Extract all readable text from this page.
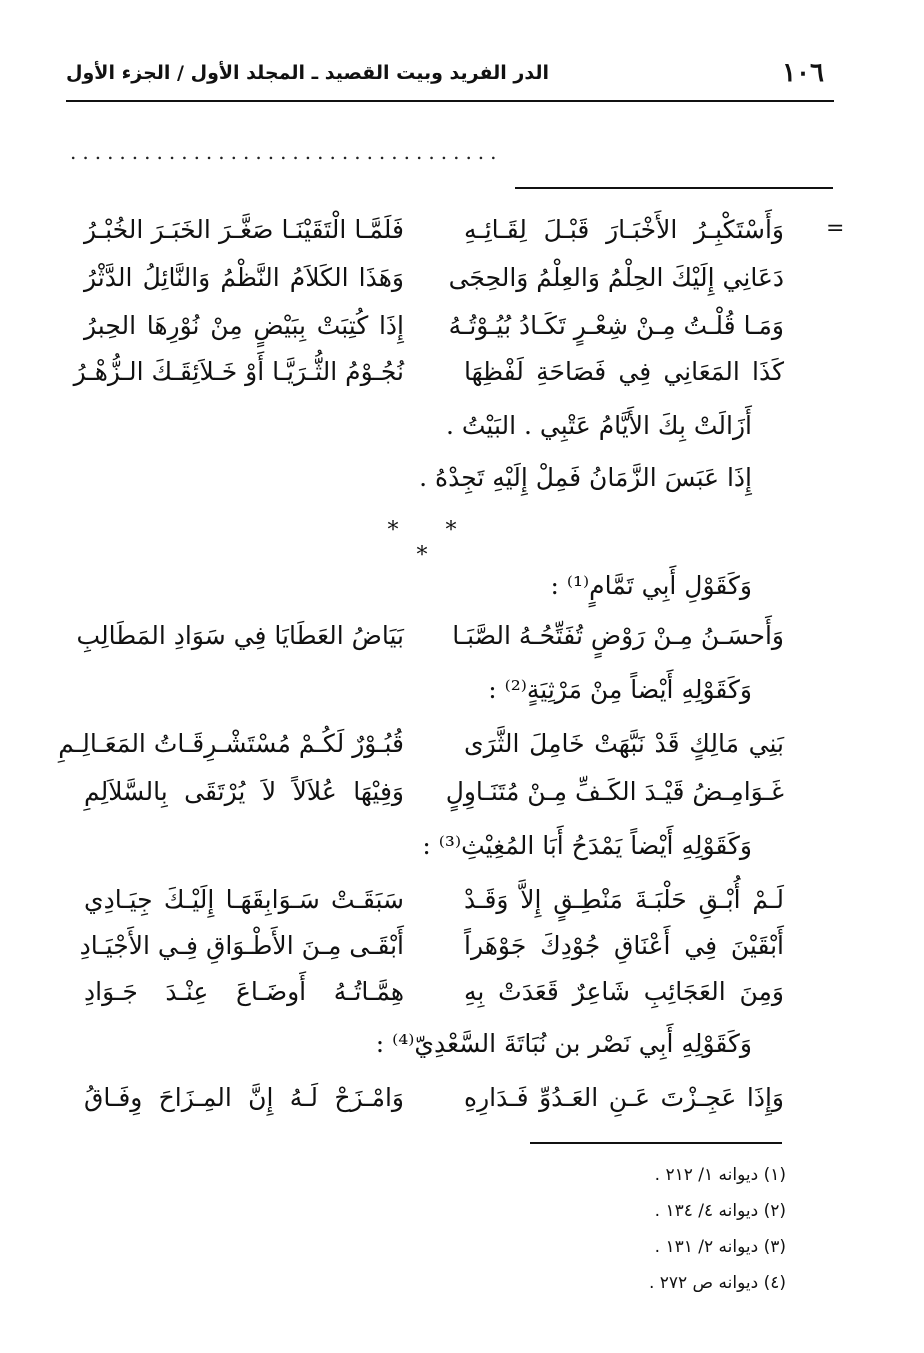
١٠٦
الدر الفريد وبيت القصيد ـ المجلد الأول / الجزء الأول
...................................
=
وَأَسْتَكْبِـرُ الأَخْبَـارَ قَبْـلَ لِقَـائِـهِ
فَلَمَّـا الْتَقَيْنَـا صَغَّـرَ الخَبَـرَ الخُبْـرُ
دَعَانِي إِلَيْكَ الحِلْمُ وَالعِلْمُ وَالحِجَى
وَهَذَا الكَلاَمُ النَّظْمُ وَالنَّائِلُ الدَّثْرُ
وَمَـا قُلْـتُ مِـنْ شِعْـرٍ تَكَـادُ بُيُـوْتُـهُ
إِذَا كُتِبَتْ بِبَيْضٍ مِنْ نُوْرِهَا الحِبرُ
كَذَا المَعَانِي فِي فَصَاحَةِ لَفْظِهَا
نُجُـوْمُ الثُّـرَيَّـا أَوْ خَـلاَئِقَـكَ الـزُّهْـرُ
أَزَالَتْ بِكَ الأَيَّامُ عَتْبِي . البَيْتُ .
إِذَا عَبَسَ الزَّمَانُ فَمِلْ إِلَيْهِ تَجِدْهُ .
* * *
وَكَقَوْلِ أَبِي تَمَّامٍ⁽¹⁾ :
وَأَحسَـنُ مِـنْ رَوْضٍ تُفَتِّحُـهُ الصَّبَـا
بَيَاضُ العَطَايَا فِي سَوَادِ المَطَالِبِ
وَكَقَوْلِهِ أَيْضاً مِنْ مَرْثِيَةٍ⁽²⁾ :
بَنِي مَالِكٍ قَدْ نَبَّهَتْ خَامِلَ الثَّرَى
قُبُـوْرٌ لَكُـمْ مُسْتَشْـرِقَـاتُ المَعَـالِـمِ
غَـوَامِـضُ قَيْـدَ الكَـفِّ مِـنْ مُتَنَـاوِلٍ
وَفِيْهَا عُلاَلاً لاَ يُرْتَقَى بِالسَّلاَلِمِ
وَكَقَوْلِهِ أَيْضاً يَمْدَحُ أَبَا المُغِيْثِ⁽³⁾ :
لَـمْ أُبْـقِ حَلْبَـةَ مَنْطِـقٍ إِلاَّ وَقَـدْ
سَبَقَـتْ سَـوَابِقَهَـا إِلَيْـكَ جِيَـادِي
أَبْقَيْنَ فِي أَعْنَاقِ جُوْدِكَ جَوْهَراً
أَبْقَـى مِـنَ الأَطْـوَاقِ فِـي الأَجْيَـادِ
وَمِنَ العَجَائِبِ شَاعِرٌ قَعَدَتْ بِهِ
هِمَّـاتُـهُ أَوضَـاعَ عِنْـدَ جَـوَادِ
وَكَقَوْلِهِ أَبِي نَصْر بن نُبَاتَةَ السَّعْدِيّ⁽⁴⁾ :
وَإِذَا عَجِـزْتَ عَـنِ العَـدُوِّ فَـدَارِهِ
وَامْـزَحْ لَـهُ إِنَّ المِـزَاحَ وِفَـاقُ
(١) ديوانه ١/ ٢١٢ .
(٢) ديوانه ٤/ ١٣٤ .
(٣) ديوانه ٢/ ١٣١ .
(٤) ديوانه ص ٢٧٢ .
